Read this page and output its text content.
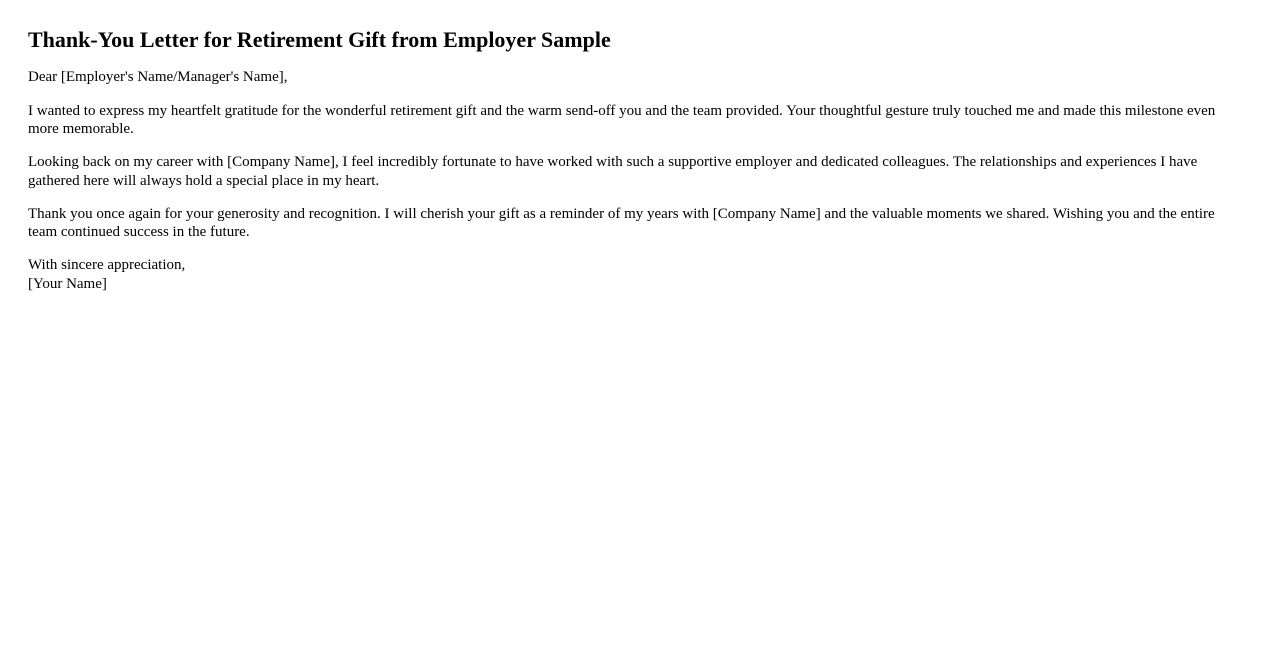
Thank-You Letter for Retirement Gift from Employer Sample

Dear [Employer's Name/Manager's Name],

I wanted to express my heartfelt gratitude for the wonderful retirement gift and the warm send-off you and the team provided. Your thoughtful gesture truly touched me and made this milestone even more memorable.

Looking back on my career with [Company Name], I feel incredibly fortunate to have worked with such a supportive employer and dedicated colleagues. The relationships and experiences I have gathered here will always hold a special place in my heart.

Thank you once again for your generosity and recognition. I will cherish your gift as a reminder of my years with [Company Name] and the valuable moments we shared. Wishing you and the entire team continued success in the future.

With sincere appreciation,
[Your Name]
